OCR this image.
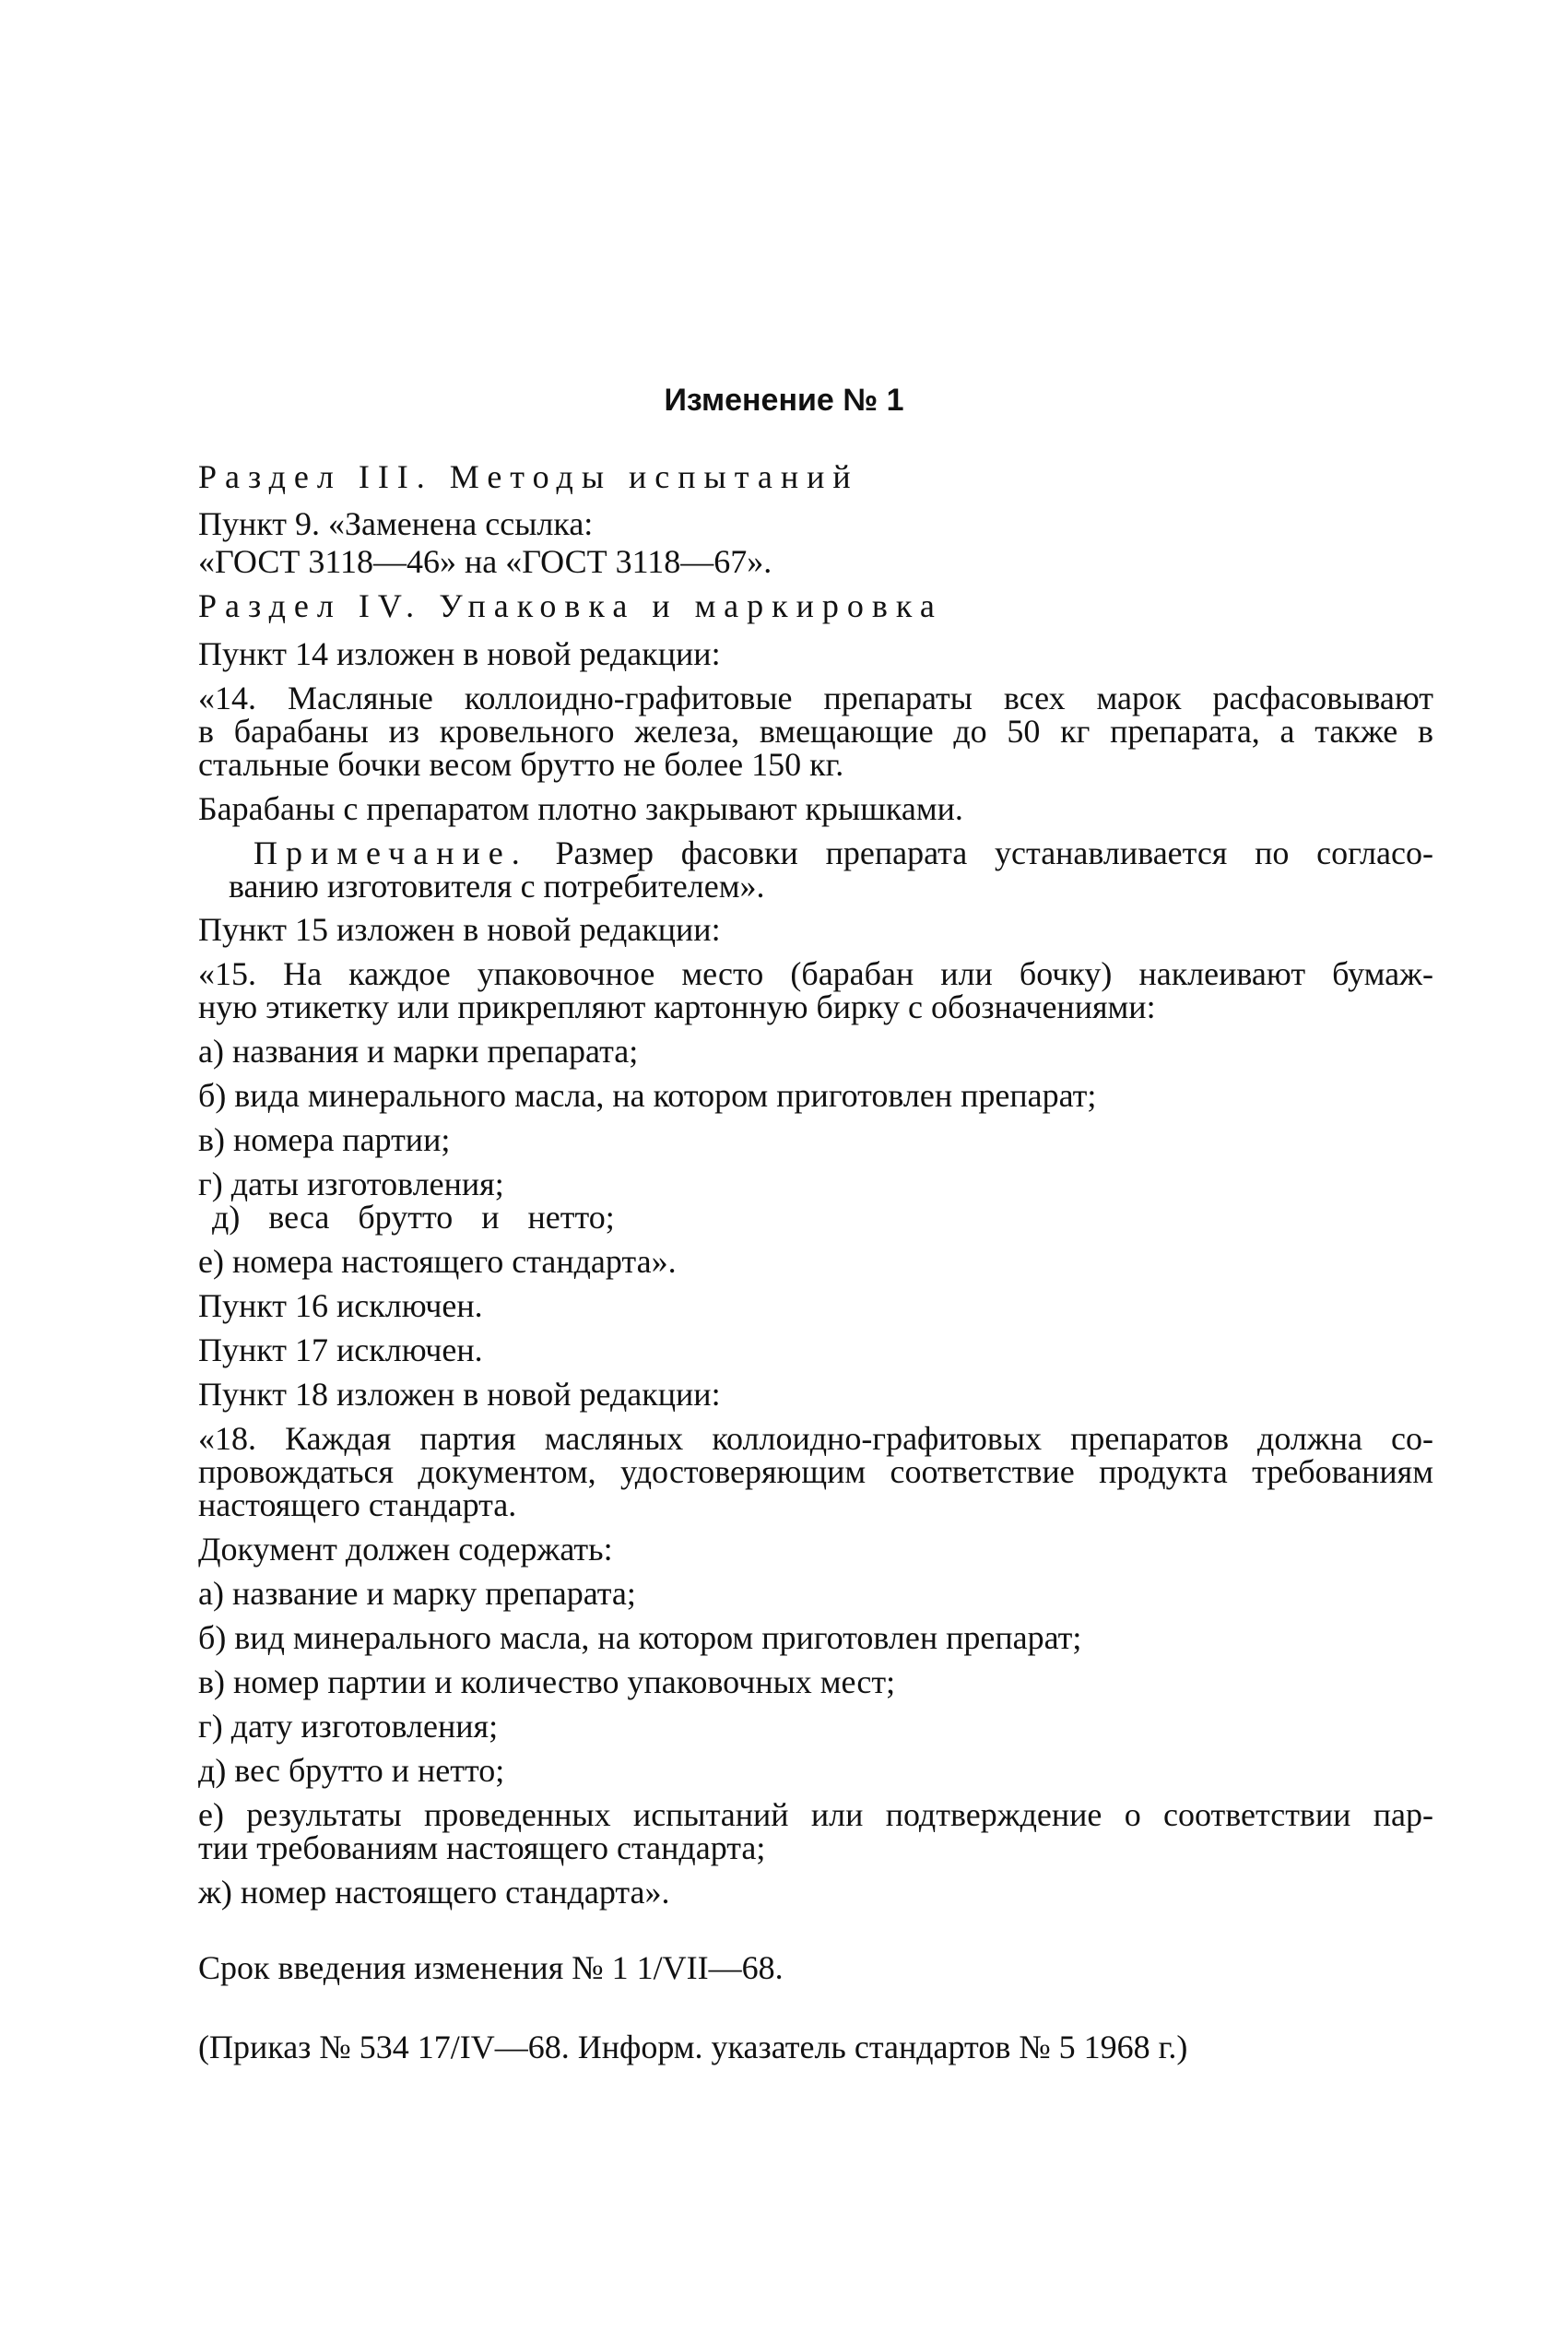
Изменение № 1
Раздел III. Методы испытаний
Пункт 9. «Заменена ссылка:
«ГОСТ 3118—46» на «ГОСТ 3118—67».
Раздел IV. Упаковка и маркировка
Пункт 14 изложен в новой редакции:
«14. Масляные коллоидно-графитовые препараты всех марок расфасовывают
в барабаны из кровельного железа, вмещающие до 50 кг препарата, а также в
стальные бочки весом брутто не более 150 кг.
Барабаны с препаратом плотно закрывают крышками.
Примечание. Размер фасовки препарата устанавливается по согласо-
ванию изготовителя с потребителем».
Пункт 15 изложен в новой редакции:
«15. На каждое упаковочное место (барабан или бочку) наклеивают бумаж-
ную этикетку или прикрепляют картонную бирку с обозначениями:
а) названия и марки препарата;
б) вида минерального масла, на котором приготовлен препарат;
в) номера партии;
г) даты изготовления;
д) веса брутто и нетто;
е) номера настоящего стандарта».
Пункт 16 исключен.
Пункт 17 исключен.
Пункт 18 изложен в новой редакции:
«18. Каждая партия масляных коллоидно-графитовых препаратов должна со-
провождаться документом, удостоверяющим соответствие продукта требованиям
настоящего стандарта.
Документ должен содержать:
а) название и марку препарата;
б) вид минерального масла, на котором приготовлен препарат;
в) номер партии и количество упаковочных мест;
г) дату изготовления;
д) вес брутто и нетто;
е) результаты проведенных испытаний или подтверждение о соответствии пар-
тии требованиям настоящего стандарта;
ж) номер настоящего стандарта».
Срок введения изменения № 1 1/VII—68.
(Приказ № 534 17/IV—68. Информ. указатель стандартов № 5 1968 г.)
